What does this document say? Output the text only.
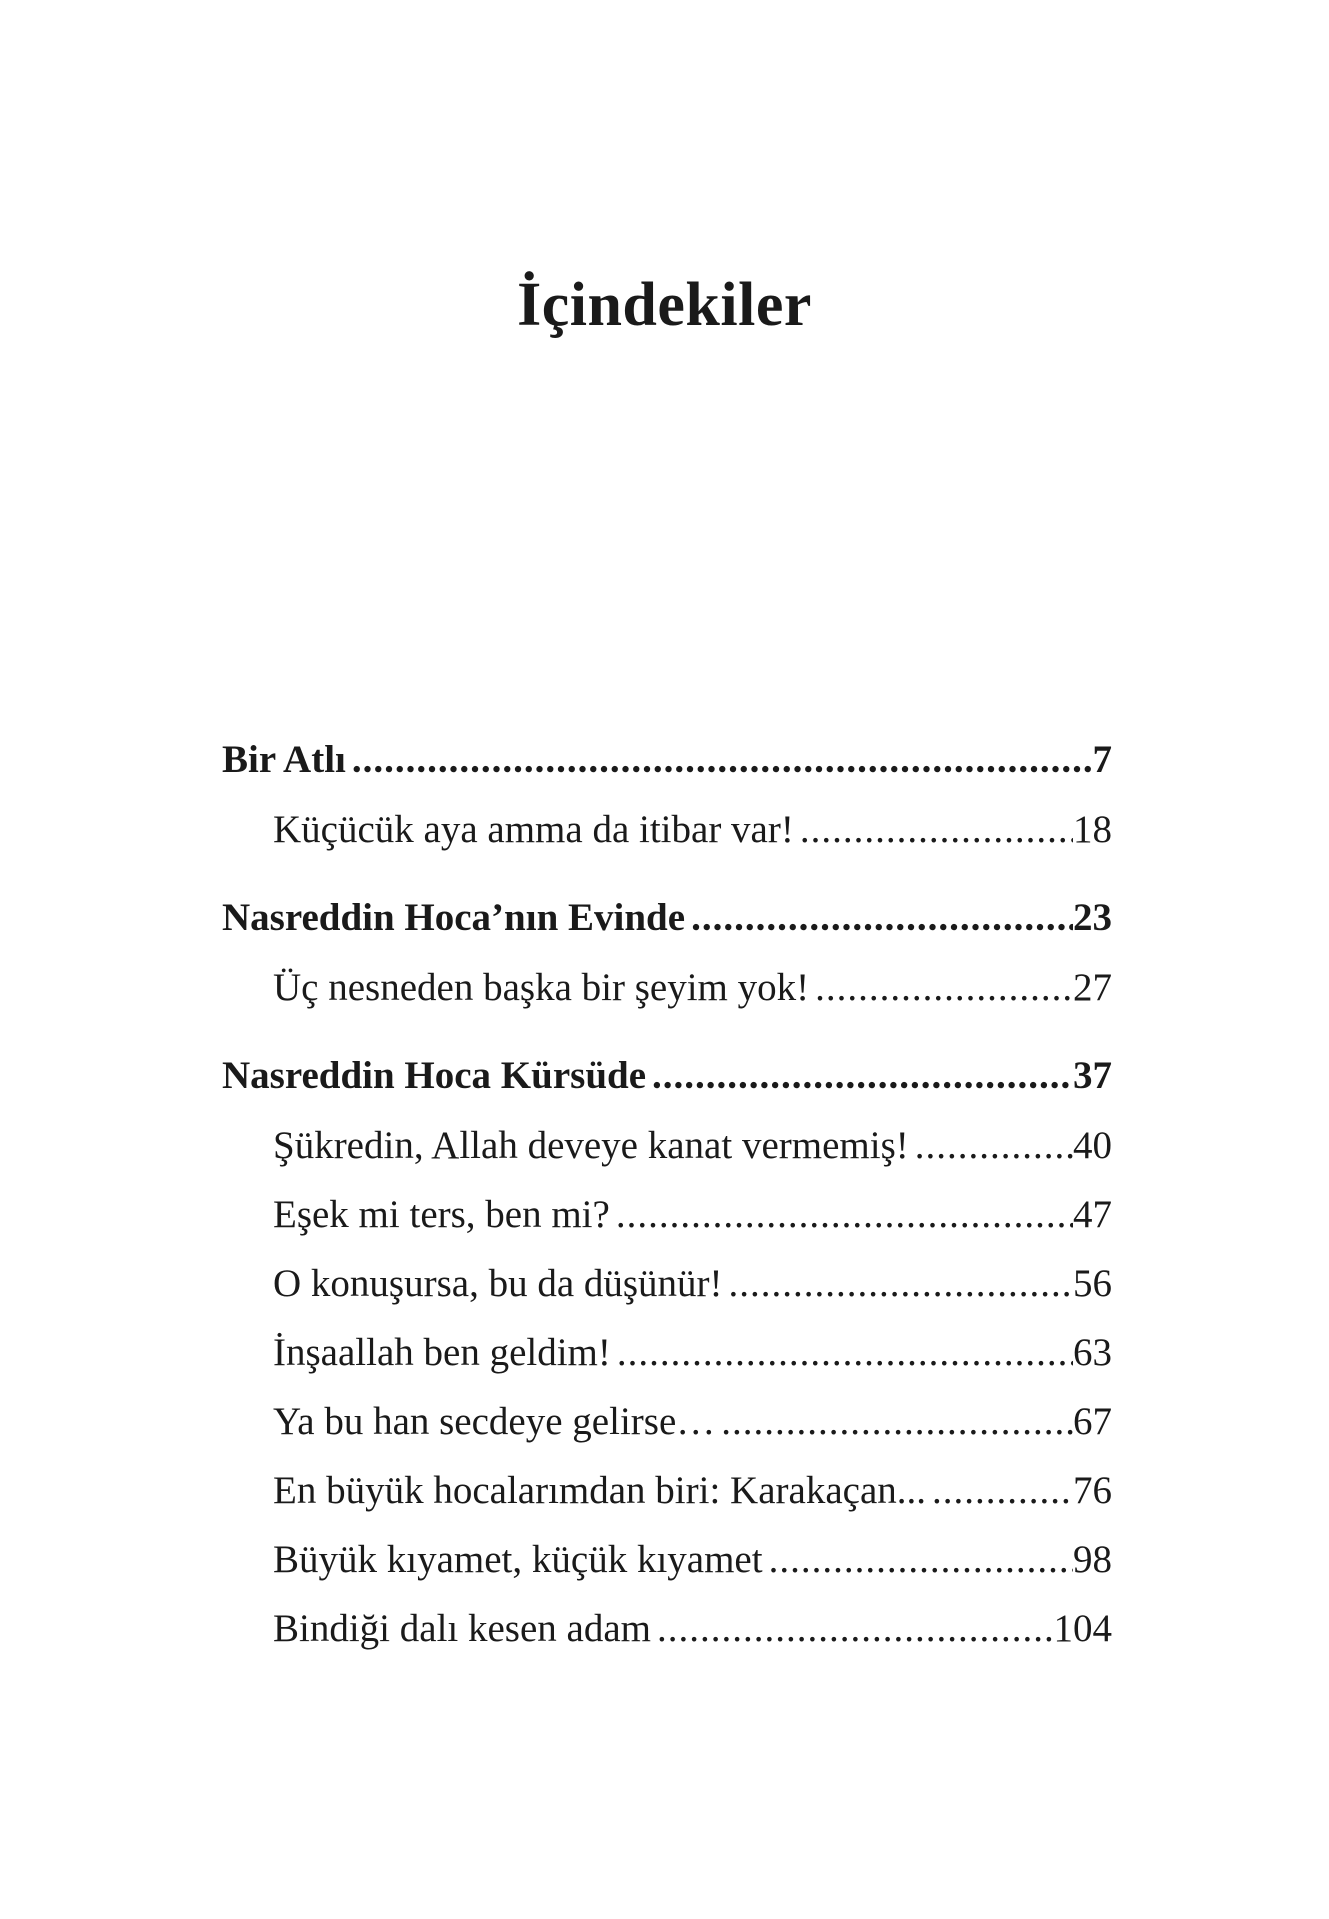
İçindekiler
Bir Atlı .....	7
Küçücük aya amma da itibar var! .....	18
Nasreddin Hoca’nın Evinde .....	23
Üç nesneden başka bir şeyim yok! .....	27
Nasreddin Hoca Kürsüde .....	37
Şükredin, Allah deveye kanat vermemiş! .....	40
Eşek mi ters, ben mi? .....	47
O konuşursa, bu da düşünür! .....	56
İnşaallah ben geldim! .....	63
Ya bu han secdeye gelirse… .....	67
En büyük hocalarımdan biri: Karakaçan... .....	76
Büyük kıyamet, küçük kıyamet .....	98
Bindiği dalı kesen adam .....	104
